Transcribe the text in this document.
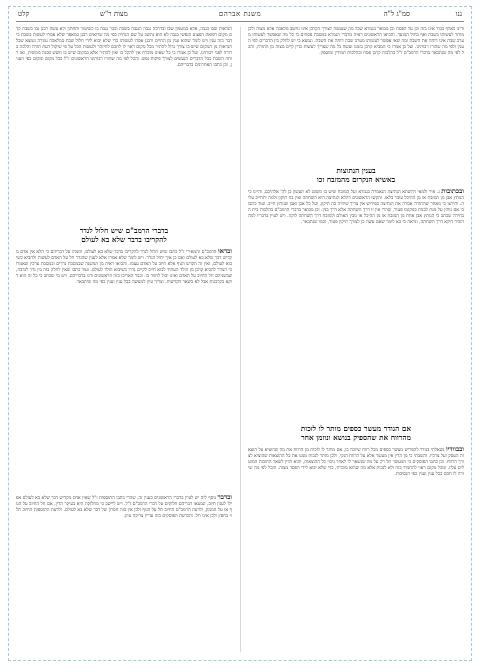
קלט	מצות ר"ש	משנת אברהם	סמ"ג ל"ה	ננו

הנראות שבו בגבה, אלא במטמון שבו ובדרכה נגבה הנגבה בשבת וכבר נגבה בו כשיעור ותחתון ולא עשה רבנן גבו בשבת קדם מקום רפואת הפצוע הנפשי בגבה לא הוא נחשב על שם הנחית כפי מה שרואים רבנן במאפר שלא אמרו לעשות בשבת כי דבר כזה ענין ויש לומר שהוא ענין מן החיים ורבנן אסרו לעשותו כדי שלא יבוא לידי חלול שבת במלאכה גמורה ונמצא שכל הנראות מן המקום שיש בו צורך גדול להתיר מכל מקום ראוי לו לחכם להיזהר ולעשות הכל על פי שיקול דעת תורה והלכה ברורה לפני רבותינו. ועל כן אמרו כי כל שאינו מוכרח אין להקל בו ואין להתיר אלא במקום שיש בו חשש סכנה ממשית, ואז דוחה השבת ככל הדברים הנעשים לצורך פיקוח נפש. והכל לפי מה שהורו רבותינו הראשונים ז"ל בכל מקום ומקום כפי הענין, וכן כתבו האחרונים בדבריהם.

בדברי הרמב"ם שיש חלול לנדר
להקריבו בדבר שלא בא לעולם

ובדאו הרמב"ם והמאירי ז"ל כתבו שיש חלול לנדר להקריבו בדבר שלא בא לעולם, ותמהו על דבריהם כי הלא אין אדם מקדיש דבר שלא בא לעולם ואם כן איך יחול הנדר. ויש לומר שלא אמרו אלא לענין שהנדר חל על האדם לעשות ולהביא כשיבוא לעולם, ואין זה הקדש הגוף אלא חיוב על האדם עצמו. והביאו ראיה מן המשנה שבמסכת נדרים ובמסכת ערכין שאמרו כי הנודר להביא קרבן מן הולד העתיד לבוא חייב לקיים נדרו כשיבוא הולד לעולם. ועוד כתבו שאין לחלק בזה בין נדר לנדבה, שבשניהם חל החיוב על האדם ואינו יכול לחזור בו. וכבר האריכו בזה הראשונים ודנו בדבריהם, ויש מי שכתב כי כל זה הוא דוקא בקרבנות אבל לא בשאר הקדשות. וצריך עיון למעשה בכל ענין וענין כפי מה שיתבאר.

ובדבר נוסף לזה יש לעיין בדברי הראשונים בענין זה, שהרי כתבו התוספות ז"ל שאין אדם מקדיש דבר שלא בא לעולם אפילו לענין חיוב, ונמצאו דבריהם חלוקים על דברי הרמב"ם ז"ל. ויש ליישב כי מחלוקת היא בעיקר הדין, אם חל החיוב על הגוף או על הממון, ולדעת הרמב"ם החיוב חל על הגוף ולכן אין בזה חסרון של דבר שלא בא לעולם. ולדעת התוספות החיוב תלוי בחפץ ולכן אינו חל. והכרעת הפוסקים בזה עדיין צריכה עיון.

ודינו כאלף כבוד אינו בזה וכן על הפסח וכן מבואר בגמרא שכל מה שנעשה לצורך הקרבן אינו נחשב מלאכה אלא מצוה ולכן מותר לעשותו בשבת ואף בחול המועד. והביאו הראשונים ראיה מדברי הגמרא במסכת פסחים כי כל מה שאפשר לעשותו מערב שבת אינו דוחה את השבת ומה שאי אפשר לעשותו מערב שבת דוחה את השבת. ונמצא כי יש לחלק בין הדברים לפי הענין ולפי מה שהורו רבותינו. ועל כן אמרו כי המביא קרבן בזמנו ועשה כל מה שצריך לעשות כדין קיים מצוה מן התורה, והכל לפי מה שנתבאר בדברי הרמב"ם ז"ל בהלכות קרבן פסח ובהלכות תמידין ומוספין.

בענין הנתוצות
באשיא הנקרום מהמזבח זכו

ובכתובות ג. איר ולמאי דהשתא הנתיצה הנאמרה בגמרא ועל המזבח שיש בו משום לא תעשון כן לה' אלהיכם, והיינו כי הנותץ אבן מן המזבח או מן ההיכל עובר בלאו. והקשו הראשונים דהלא הנתיצה היא השחתה ואין בה תיקון ולמה יתחייב עליה. ותירצו כי מאחר שהתורה אסרה את הנתיצה בפירוש אין צריך שיהיה בה תיקון, ועל כל אבן ואבן שנותץ חייב. ועוד כתבו כי אם נותץ על מנת לבנות במקומו פטור, שהרי אין זו דרך השחתה אלא דרך בנין. וכן מבואר בדברי הרמב"ם בהלכות בית הבחירה שכתב כי הנותץ אבן אחת מן המזבח או מן ההיכל או מבין האולם ולמזבח דרך השחתה לוקה. ויש לעיין בדבריו למה הזכיר דוקא דרך השחתה, ונראה כי בא לומר שאם עשה כן לצורך תיקון פטור, וכמו שנתבאר.

אם הנודר מעשר כספים מותר לו לזכות
מהרווח את שהספיק בנושא ונוזמן אחר

ובבוודיו נשאלתי בנודר להפריש מעשר כספים מכל רווח שיזכה בו, אם מותר לו לזכות מן הרווח את מה שהוציא על הוצאות העסק ועל צרכיו. והשבתי כי מן הדין אין מעשר אלא על הרווח הנקי, ולכן מותר לנכות ממנו את כל ההוצאות שהוציא לצורך הרווח. וכן כתבו הפוסקים כי המעשר חל רק על מה שנשאר לו לאחר ניכוי כל ההוצאות, והוא הדין לשאר החובות המוטלים עליו. ומכל מקום ראוי להחמיר בזה ולא לנכות אלא מה שהוא מוכרח, כדי שלא יבוא לידי הפסד מצוה. והכל לפי מה שיורה לו חכם בכל ענין וענין כפי הנסיבות.
